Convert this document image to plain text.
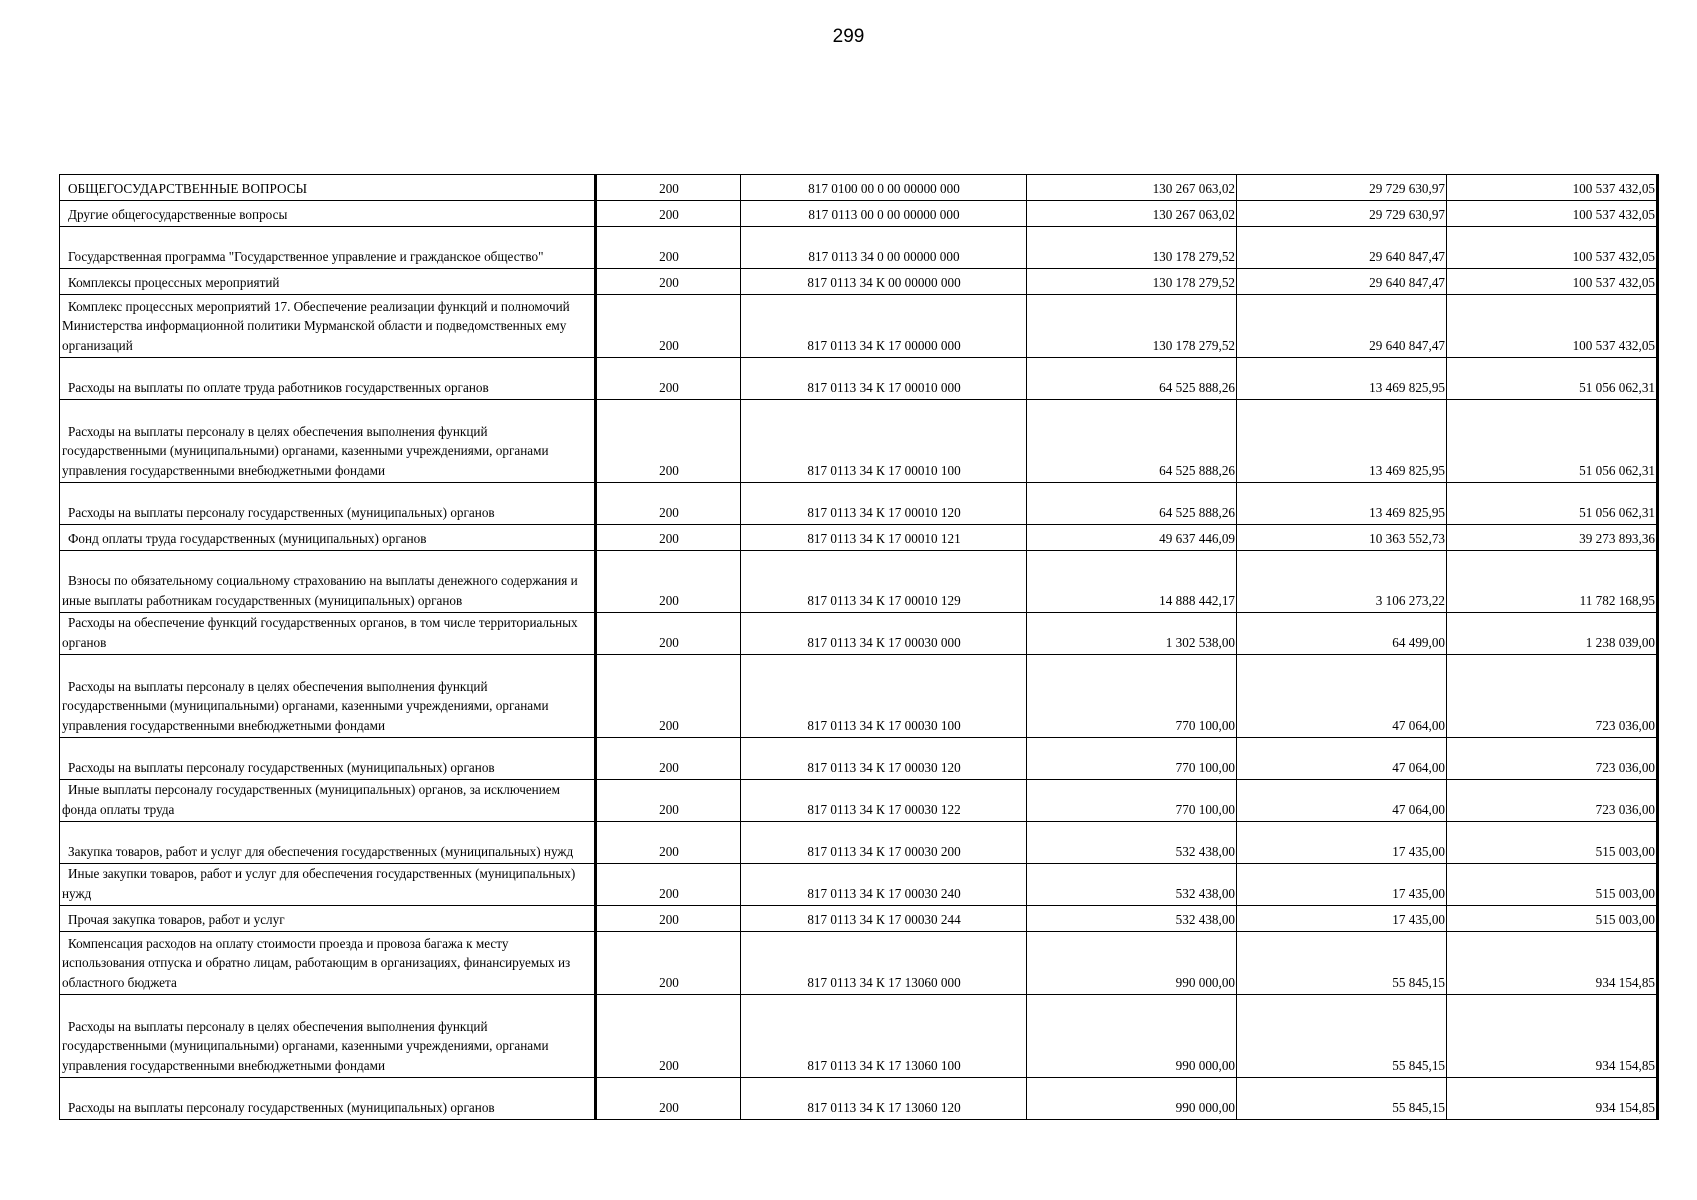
299
ОБЩЕГОСУДАРСТВЕННЫЕ ВОПРОСЫ	200	817 0100 00 0 00 00000 000	130 267 063,02	29 729 630,97	100 537 432,05
Другие общегосударственные вопросы	200	817 0113 00 0 00 00000 000	130 267 063,02	29 729 630,97	100 537 432,05
Государственная программа "Государственное управление и гражданское общество"	200	817 0113 34 0 00 00000 000	130 178 279,52	29 640 847,47	100 537 432,05
Комплексы процессных мероприятий	200	817 0113 34 К 00 00000 000	130 178 279,52	29 640 847,47	100 537 432,05
Комплекс процессных мероприятий 17. Обеспечение реализации функций и полномочий Министерства информационной политики Мурманской области и подведомственных ему организаций	200	817 0113 34 К 17 00000 000	130 178 279,52	29 640 847,47	100 537 432,05
Расходы на выплаты по оплате труда работников государственных органов	200	817 0113 34 К 17 00010 000	64 525 888,26	13 469 825,95	51 056 062,31
Расходы на выплаты персоналу в целях обеспечения выполнения функций государственными (муниципальными) органами, казенными учреждениями, органами управления государственными внебюджетными фондами	200	817 0113 34 К 17 00010 100	64 525 888,26	13 469 825,95	51 056 062,31
Расходы на выплаты персоналу государственных (муниципальных) органов	200	817 0113 34 К 17 00010 120	64 525 888,26	13 469 825,95	51 056 062,31
Фонд оплаты труда государственных (муниципальных) органов	200	817 0113 34 К 17 00010 121	49 637 446,09	10 363 552,73	39 273 893,36
Взносы по обязательному социальному страхованию на выплаты денежного содержания и иные выплаты работникам государственных (муниципальных) органов	200	817 0113 34 К 17 00010 129	14 888 442,17	3 106 273,22	11 782 168,95
Расходы на обеспечение функций государственных органов, в том числе территориальных органов	200	817 0113 34 К 17 00030 000	1 302 538,00	64 499,00	1 238 039,00
Расходы на выплаты персоналу в целях обеспечения выполнения функций государственными (муниципальными) органами, казенными учреждениями, органами управления государственными внебюджетными фондами	200	817 0113 34 К 17 00030 100	770 100,00	47 064,00	723 036,00
Расходы на выплаты персоналу государственных (муниципальных) органов	200	817 0113 34 К 17 00030 120	770 100,00	47 064,00	723 036,00
Иные выплаты персоналу государственных (муниципальных) органов, за исключением фонда оплаты труда	200	817 0113 34 К 17 00030 122	770 100,00	47 064,00	723 036,00
Закупка товаров, работ и услуг для обеспечения государственных (муниципальных) нужд	200	817 0113 34 К 17 00030 200	532 438,00	17 435,00	515 003,00
Иные закупки товаров, работ и услуг для обеспечения государственных (муниципальных) нужд	200	817 0113 34 К 17 00030 240	532 438,00	17 435,00	515 003,00
Прочая закупка товаров, работ и услуг	200	817 0113 34 К 17 00030 244	532 438,00	17 435,00	515 003,00
Компенсация расходов на оплату стоимости проезда и провоза багажа к месту использования отпуска и обратно лицам, работающим в организациях, финансируемых из областного бюджета	200	817 0113 34 К 17 13060 000	990 000,00	55 845,15	934 154,85
Расходы на выплаты персоналу в целях обеспечения выполнения функций государственными (муниципальными) органами, казенными учреждениями, органами управления государственными внебюджетными фондами	200	817 0113 34 К 17 13060 100	990 000,00	55 845,15	934 154,85
Расходы на выплаты персоналу государственных (муниципальных) органов	200	817 0113 34 К 17 13060 120	990 000,00	55 845,15	934 154,85
